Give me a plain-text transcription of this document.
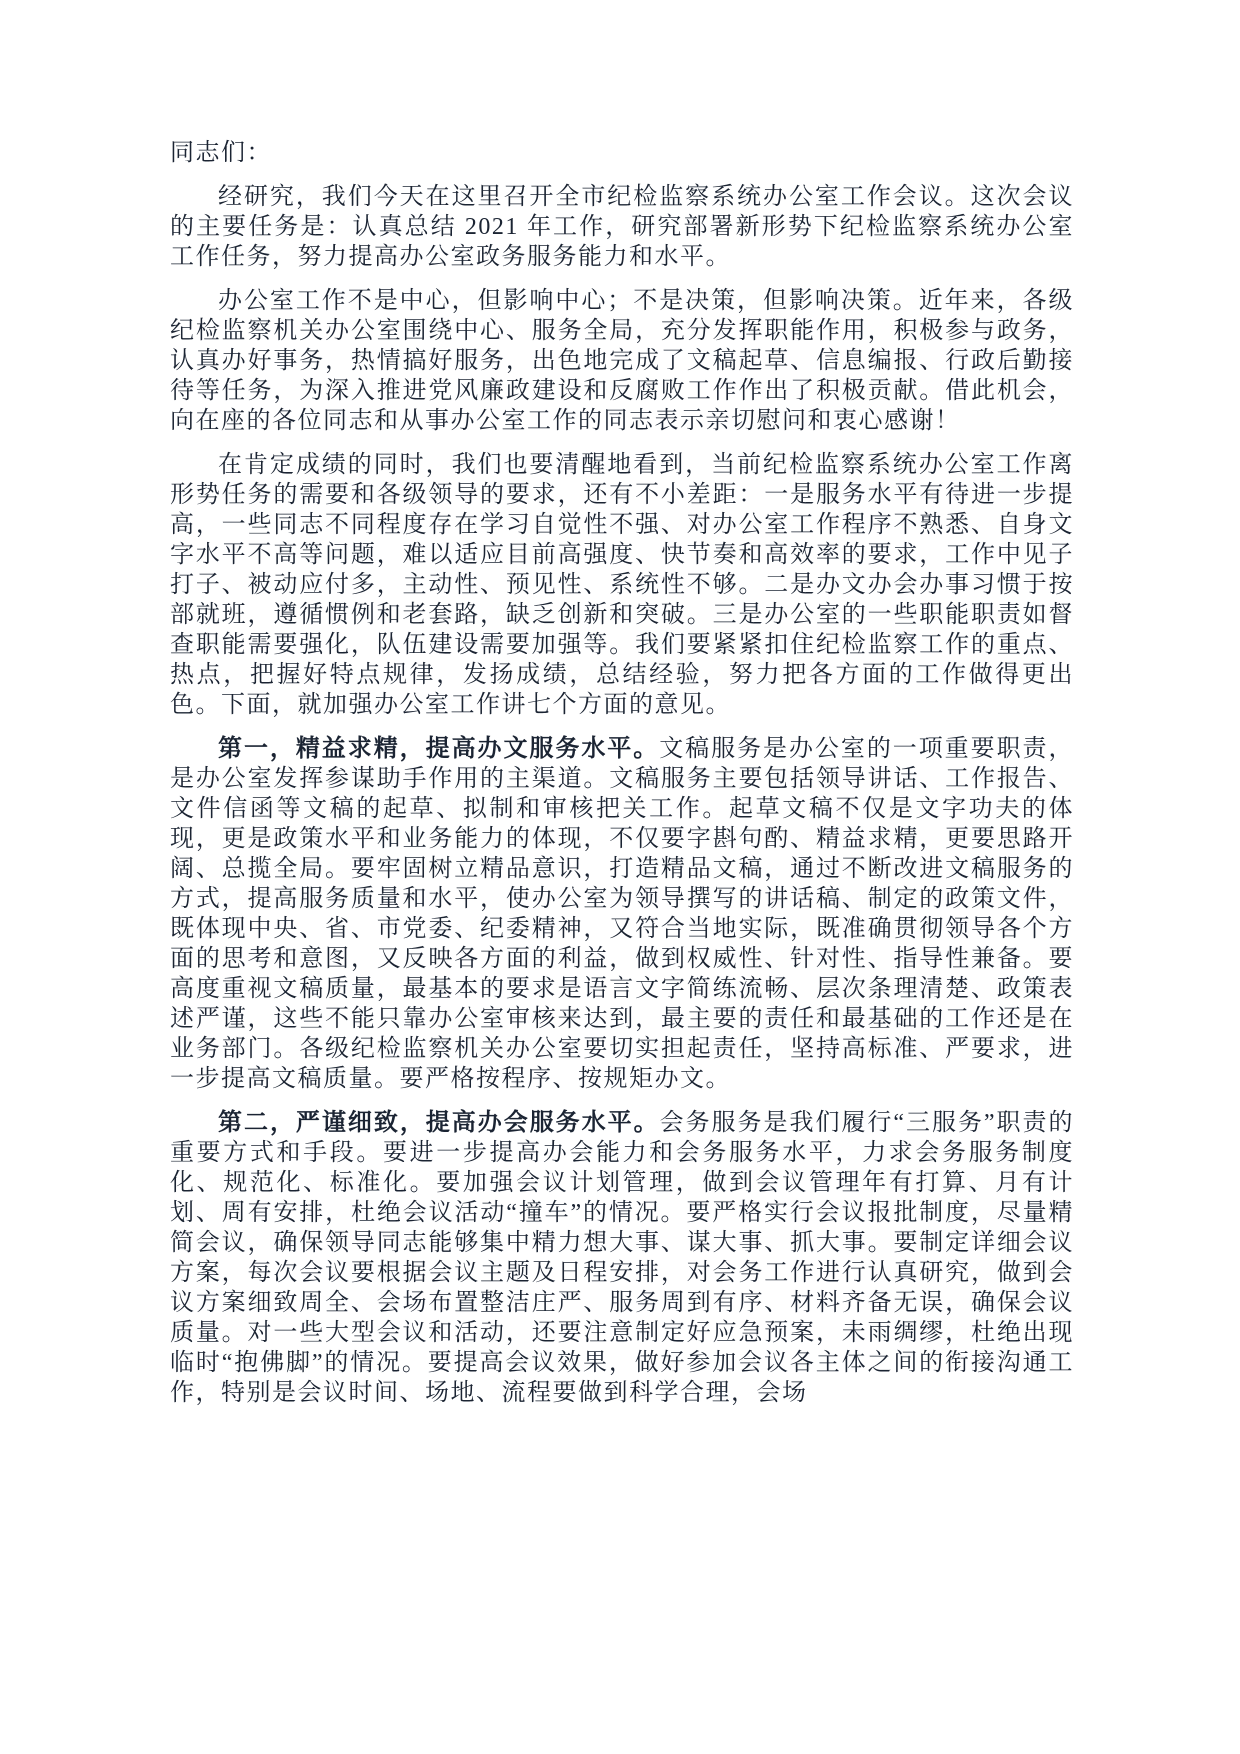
同志们：

经研究，我们今天在这里召开全市纪检监察系统办公室工作会议。这次会议的主要任务是：认真总结 2021 年工作，研究部署新形势下纪检监察系统办公室工作任务，努力提高办公室政务服务能力和水平。

办公室工作不是中心，但影响中心；不是决策，但影响决策。近年来，各级纪检监察机关办公室围绕中心、服务全局，充分发挥职能作用，积极参与政务，认真办好事务，热情搞好服务，出色地完成了文稿起草、信息编报、行政后勤接待等任务，为深入推进党风廉政建设和反腐败工作作出了积极贡献。借此机会，向在座的各位同志和从事办公室工作的同志表示亲切慰问和衷心感谢！

在肯定成绩的同时，我们也要清醒地看到，当前纪检监察系统办公室工作离形势任务的需要和各级领导的要求，还有不小差距：一是服务水平有待进一步提高，一些同志不同程度存在学习自觉性不强、对办公室工作程序不熟悉、自身文字水平不高等问题，难以适应目前高强度、快节奏和高效率的要求，工作中见子打子、被动应付多，主动性、预见性、系统性不够。二是办文办会办事习惯于按部就班，遵循惯例和老套路，缺乏创新和突破。三是办公室的一些职能职责如督查职能需要强化，队伍建设需要加强等。我们要紧紧扣住纪检监察工作的重点、热点，把握好特点规律，发扬成绩，总结经验，努力把各方面的工作做得更出色。下面，就加强办公室工作讲七个方面的意见。

第一，精益求精，提高办文服务水平。文稿服务是办公室的一项重要职责，是办公室发挥参谋助手作用的主渠道。文稿服务主要包括领导讲话、工作报告、文件信函等文稿的起草、拟制和审核把关工作。起草文稿不仅是文字功夫的体现，更是政策水平和业务能力的体现，不仅要字斟句酌、精益求精，更要思路开阔、总揽全局。要牢固树立精品意识，打造精品文稿，通过不断改进文稿服务的方式，提高服务质量和水平，使办公室为领导撰写的讲话稿、制定的政策文件，既体现中央、省、市党委、纪委精神，又符合当地实际，既准确贯彻领导各个方面的思考和意图，又反映各方面的利益，做到权威性、针对性、指导性兼备。要高度重视文稿质量，最基本的要求是语言文字简练流畅、层次条理清楚、政策表述严谨，这些不能只靠办公室审核来达到，最主要的责任和最基础的工作还是在业务部门。各级纪检监察机关办公室要切实担起责任，坚持高标准、严要求，进一步提高文稿质量。要严格按程序、按规矩办文。

第二，严谨细致，提高办会服务水平。会务服务是我们履行“三服务”职责的重要方式和手段。要进一步提高办会能力和会务服务水平，力求会务服务制度化、规范化、标准化。要加强会议计划管理，做到会议管理年有打算、月有计划、周有安排，杜绝会议活动“撞车”的情况。要严格实行会议报批制度，尽量精简会议，确保领导同志能够集中精力想大事、谋大事、抓大事。要制定详细会议方案，每次会议要根据会议主题及日程安排，对会务工作进行认真研究，做到会议方案细致周全、会场布置整洁庄严、服务周到有序、材料齐备无误，确保会议质量。对一些大型会议和活动，还要注意制定好应急预案，未雨绸缪，杜绝出现临时“抱佛脚”的情况。要提高会议效果，做好参加会议各主体之间的衔接沟通工作，特别是会议时间、场地、流程要做到科学合理，会场
